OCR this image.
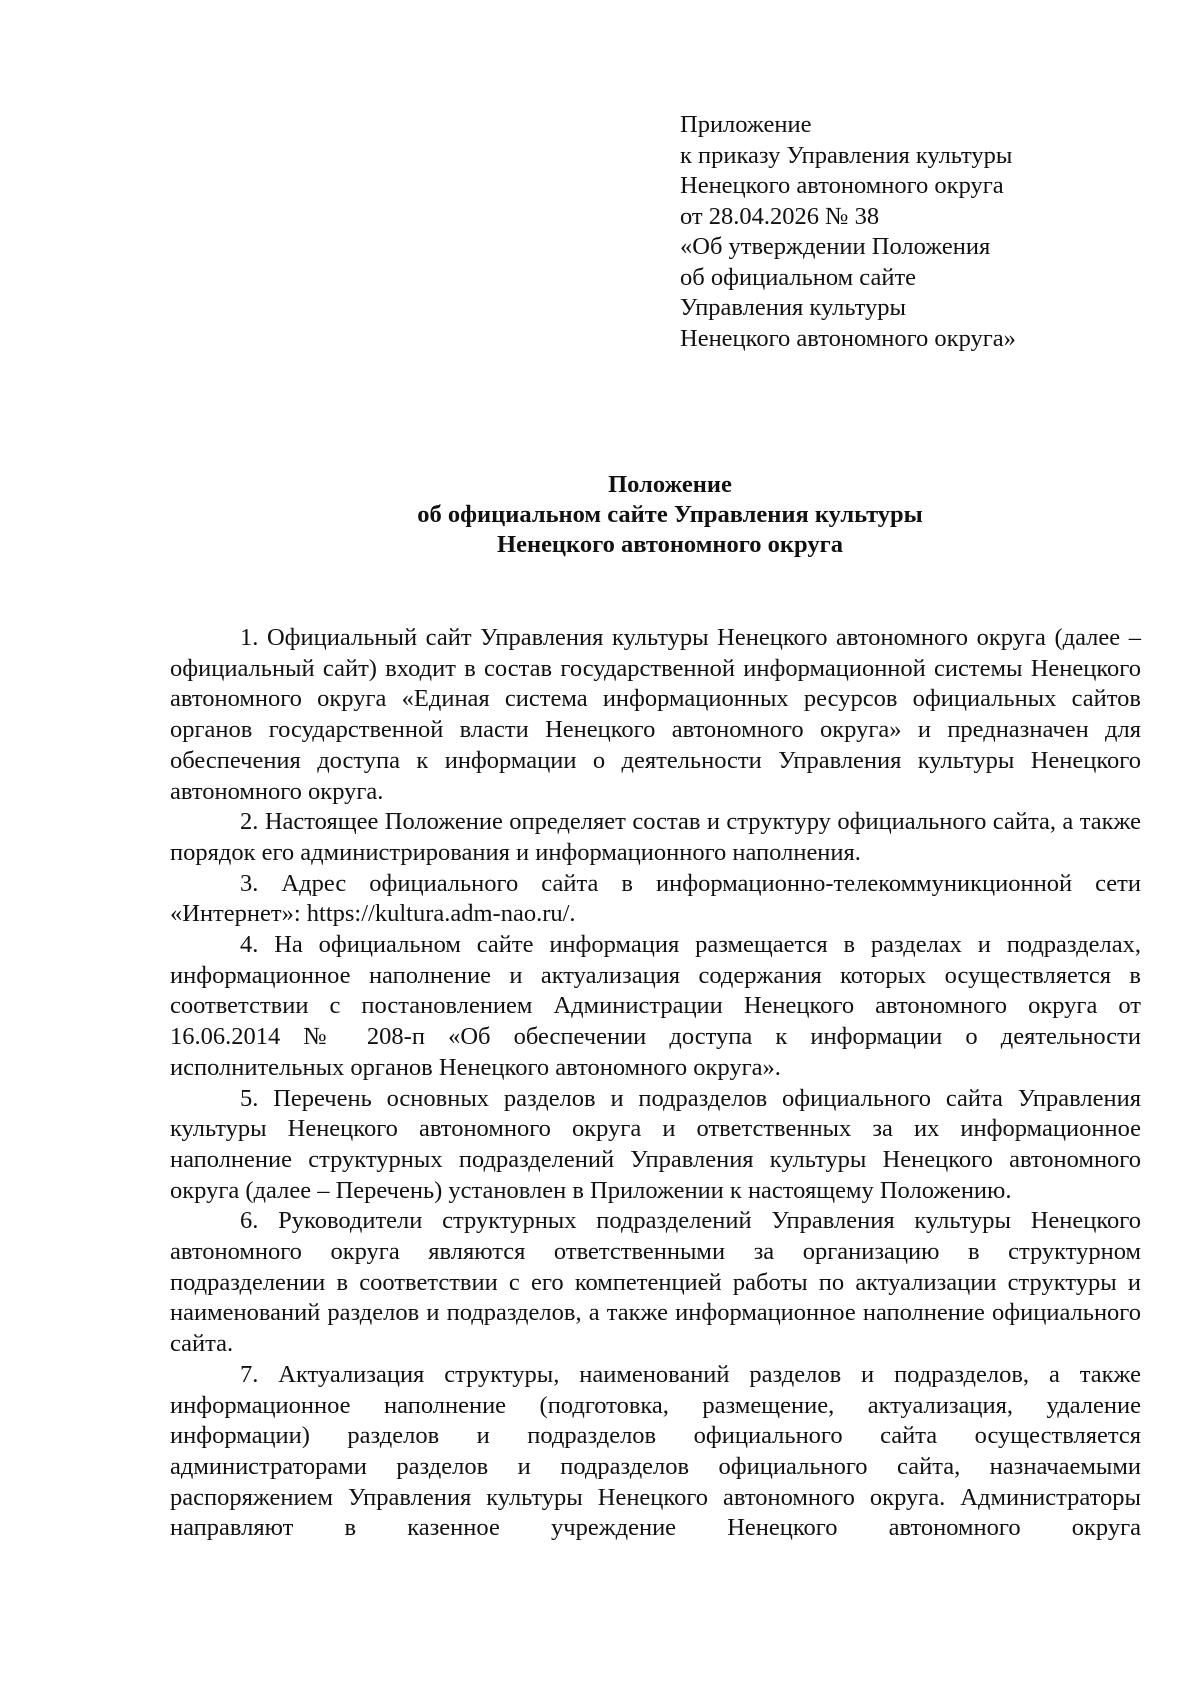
Приложение
к приказу Управления культуры
Ненецкого автономного округа
от 28.04.2026 № 38
«Об утверждении Положения
об официальном сайте
Управления культуры
Ненецкого автономного округа»
Положение
об официальном сайте Управления культуры
Ненецкого автономного округа

1. Официальный сайт Управления культуры Ненецкого автономного округа (далее – официальный сайт) входит в состав государственной информационной системы Ненецкого автономного округа «Единая система информационных ресурсов официальных сайтов органов государственной власти Ненецкого автономного округа» и предназначен для обеспечения доступа к информации о деятельности Управления культуры Ненецкого автономного округа.

2. Настоящее Положение определяет состав и структуру официального сайта, а также порядок его администрирования и информационного наполнения.

3. Адрес официального сайта в информационно-телекоммуникционной сети «Интернет»: https://kultura.adm-nao.ru/.

4. На официальном сайте информация размещается в разделах и подразделах, информационное наполнение и актуализация содержания которых осуществляется в соответствии с постановлением Администрации Ненецкого автономного округа от 16.06.2014 № 208-п «Об обеспечении доступа к информации о деятельности исполнительных органов Ненецкого автономного округа».

5. Перечень основных разделов и подразделов официального сайта Управления культуры Ненецкого автономного округа и ответственных за их информационное наполнение структурных подразделений Управления культуры Ненецкого автономного округа (далее – Перечень) установлен в Приложении к настоящему Положению.

6. Руководители структурных подразделений Управления культуры Ненецкого автономного округа являются ответственными за организацию в структурном подразделении в соответствии с его компетенцией работы по актуализации структуры и наименований разделов и подразделов, а также информационное наполнение официального сайта.

7. Актуализация структуры, наименований разделов и подразделов, а также информационное наполнение (подготовка, размещение, актуализация, удаление информации) разделов и подразделов официального сайта осуществляется администраторами разделов и подразделов официального сайта, назначаемыми распоряжением Управления культуры Ненецкого автономного округа. Администраторы направляют в казенное учреждение Ненецкого автономного округа
